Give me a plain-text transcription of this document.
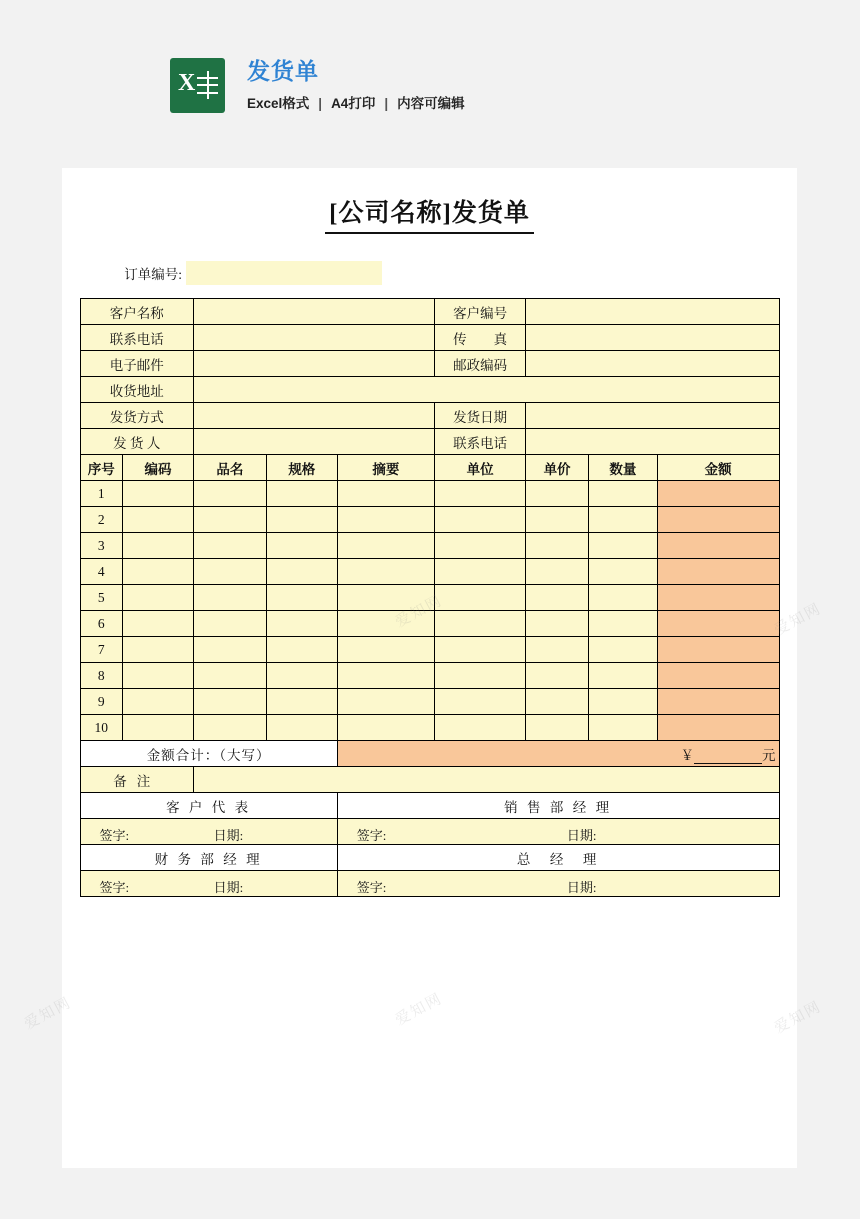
X 发货单
Excel格式 | A4打印 | 内容可编辑
[公司名称]发货单
订单编号:
客户名称					客户编号			
联系电话					传　　真			
电子邮件					邮政编码			
收货地址								
发货方式					发货日期			
发 货 人					联系电话			
序号	编码	品名	规格	摘要	单位	单价	数量	金额
1								
2								
3								
4								
5								
6								
7								
8								
9								
10								
金额合计：（大写）				￥ 元				
备注								
客 户 代 表				销 售 部 经 理				

签字: 日期:				签字: 日期:				

财 务 部 经 理				总　经　理				

签字: 日期:				签字: 日期:				
爱知网
爱知网	爱知网
